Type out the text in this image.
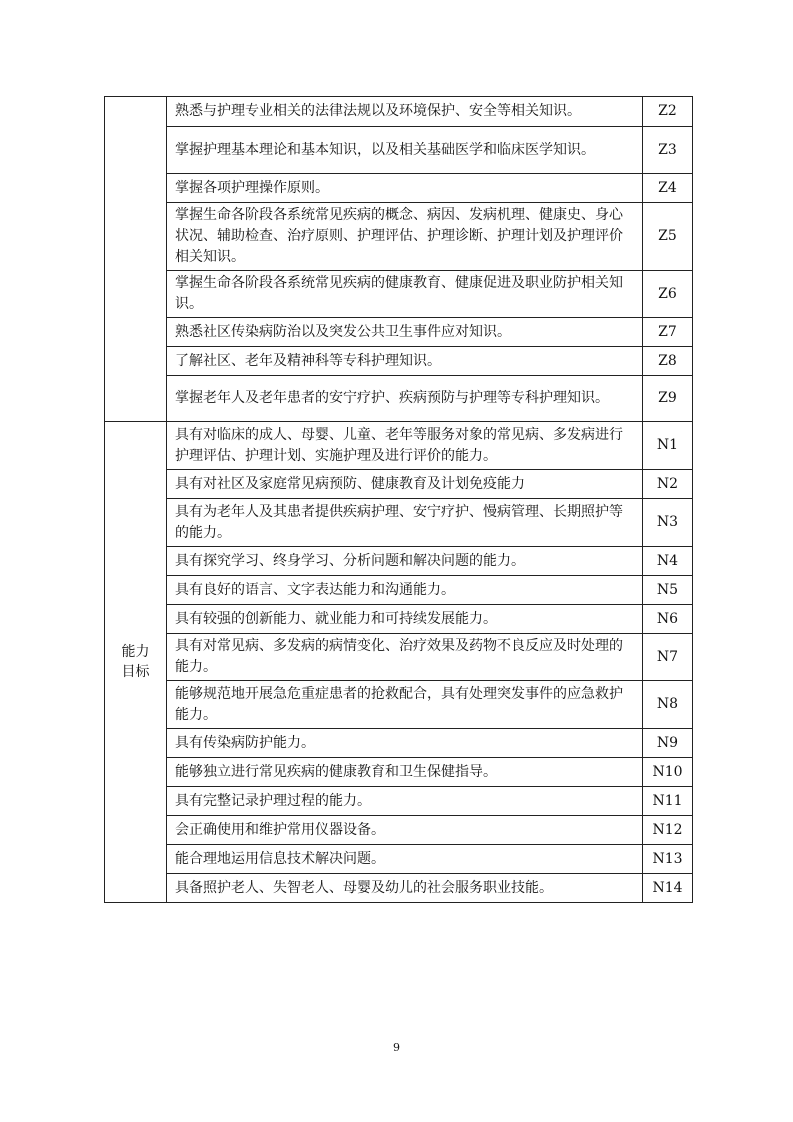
	熟悉与护理专业相关的法律法规以及环境保护、安全等相关知识。	Z2
	掌握护理基本理论和基本知识，以及相关基础医学和临床医学知识。	Z3
	掌握各项护理操作原则。	Z4
	掌握生命各阶段各系统常见疾病的概念、病因、发病机理、健康史、身心状况、辅助检查、治疗原则、护理评估、护理诊断、护理计划及护理评价相关知识。	Z5
	掌握生命各阶段各系统常见疾病的健康教育、健康促进及职业防护相关知识。	Z6
	熟悉社区传染病防治以及突发公共卫生事件应对知识。	Z7
	了解社区、老年及精神科等专科护理知识。	Z8
	掌握老年人及老年患者的安宁疗护、疾病预防与护理等专科护理知识。	Z9

能力
目标	具有对临床的成人、母婴、儿童、老年等服务对象的常见病、多发病进行护理评估、护理计划、实施护理及进行评价的能力。	N1
	具有对社区及家庭常见病预防、健康教育及计划免疫能力	N2
	具有为老年人及其患者提供疾病护理、安宁疗护、慢病管理、长期照护等的能力。	N3
	具有探究学习、终身学习、分析问题和解决问题的能力。	N4
	具有良好的语言、文字表达能力和沟通能力。	N5
	具有较强的创新能力、就业能力和可持续发展能力。	N6
	具有对常见病、多发病的病情变化、治疗效果及药物不良反应及时处理的能力。	N7
	能够规范地开展急危重症患者的抢救配合，具有处理突发事件的应急救护能力。	N8
	具有传染病防护能力。	N9
	能够独立进行常见疾病的健康教育和卫生保健指导。	N10
	具有完整记录护理过程的能力。	N11
	会正确使用和维护常用仪器设备。	N12
	能合理地运用信息技术解决问题。	N13
	具备照护老人、失智老人、母婴及幼儿的社会服务职业技能。	N14
9
